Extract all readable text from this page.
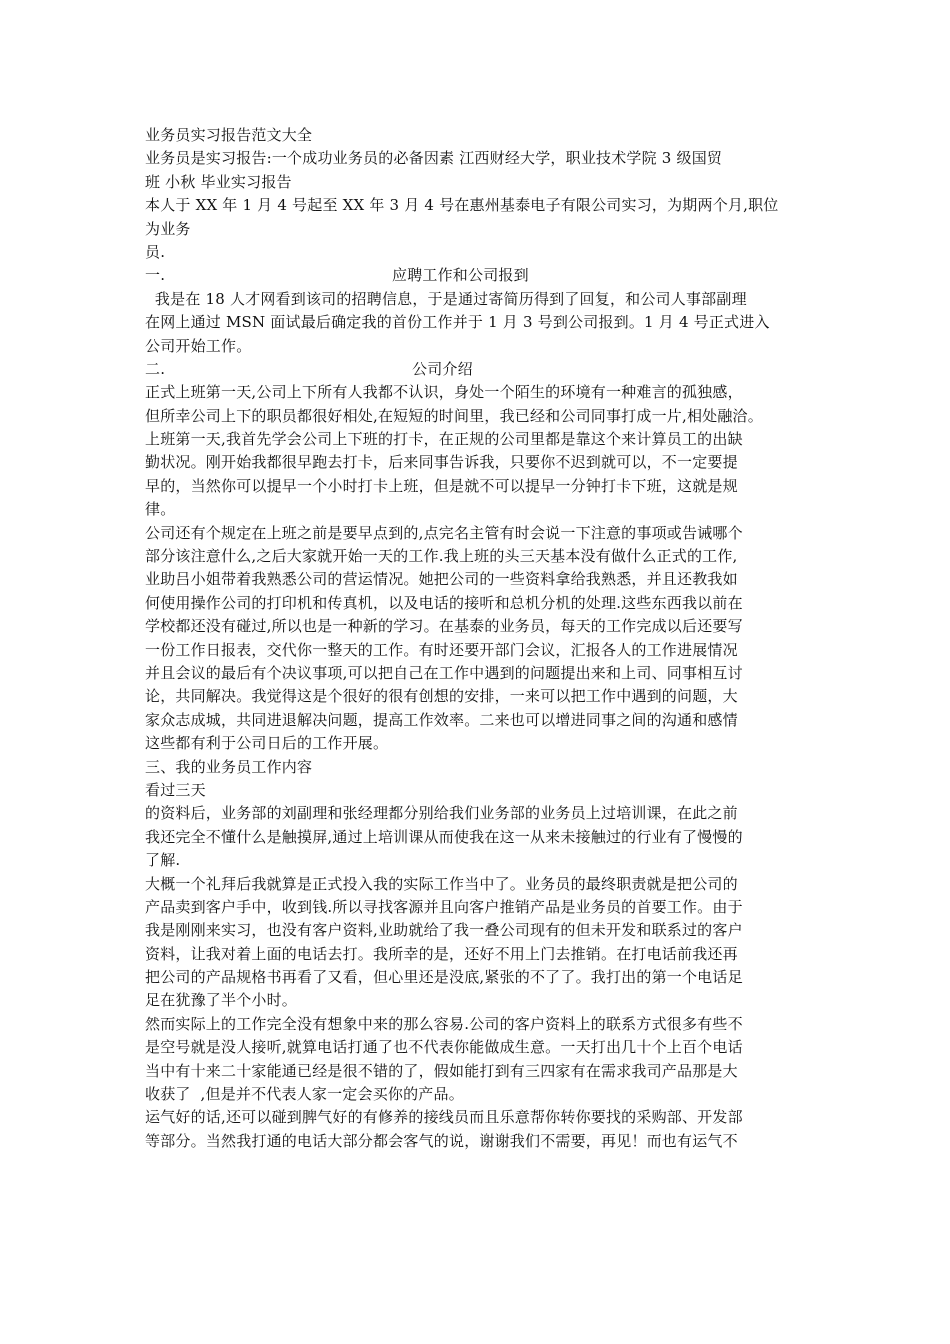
业务员实习报告范文大全
业务员是实习报告:一个成功业务员的必备因素 江西财经大学，职业技术学院 3 级国贸
班 小秋 毕业实习报告
本人于 XX 年 1 月 4 号起至 XX 年 3 月 4 号在惠州基泰电子有限公司实习，为期两个月,职位
为业务
员.
一.	应聘工作和公司报到
我是在 18 人才网看到该司的招聘信息，于是通过寄简历得到了回复，和公司人事部副理
在网上通过 MSN 面试最后确定我的首份工作并于 1 月 3 号到公司报到。1 月 4 号正式进入
公司开始工作。
二.	公司介绍
正式上班第一天,公司上下所有人我都不认识，身处一个陌生的环境有一种难言的孤独感，
但所幸公司上下的职员都很好相处,在短短的时间里，我已经和公司同事打成一片,相处融洽。
上班第一天,我首先学会公司上下班的打卡，在正规的公司里都是靠这个来计算员工的出缺
勤状况。刚开始我都很早跑去打卡，后来同事告诉我，只要你不迟到就可以，不一定要提
早的，当然你可以提早一个小时打卡上班，但是就不可以提早一分钟打卡下班，这就是规
律。
公司还有个规定在上班之前是要早点到的,点完名主管有时会说一下注意的事项或告诫哪个
部分该注意什么,之后大家就开始一天的工作.我上班的头三天基本没有做什么正式的工作,
业助吕小姐带着我熟悉公司的营运情况。她把公司的一些资料拿给我熟悉，并且还教我如
何使用操作公司的打印机和传真机，以及电话的接听和总机分机的处理.这些东西我以前在
学校都还没有碰过,所以也是一种新的学习。在基泰的业务员，每天的工作完成以后还要写
一份工作日报表，交代你一整天的工作。有时还要开部门会议，汇报各人的工作进展情况
并且会议的最后有个决议事项,可以把自己在工作中遇到的问题提出来和上司、同事相互讨
论，共同解决。我觉得这是个很好的很有创想的安排，一来可以把工作中遇到的问题，大
家众志成城，共同进退解决问题，提高工作效率。二来也可以增进同事之间的沟通和感情
这些都有利于公司日后的工作开展。
三、我的业务员工作内容
看过三天
的资料后，业务部的刘副理和张经理都分别给我们业务部的业务员上过培训课，在此之前
我还完全不懂什么是触摸屏,通过上培训课从而使我在这一从来未接触过的行业有了慢慢的
了解.
大概一个礼拜后我就算是正式投入我的实际工作当中了。业务员的最终职责就是把公司的
产品卖到客户手中，收到钱.所以寻找客源并且向客户推销产品是业务员的首要工作。由于
我是刚刚来实习，也没有客户资料,业助就给了我一叠公司现有的但未开发和联系过的客户
资料，让我对着上面的电话去打。我所幸的是，还好不用上门去推销。在打电话前我还再
把公司的产品规格书再看了又看，但心里还是没底,紧张的不了了。我打出的第一个电话足
足在犹豫了半个小时。
然而实际上的工作完全没有想象中来的那么容易.公司的客户资料上的联系方式很多有些不
是空号就是没人接听,就算电话打通了也不代表你能做成生意。一天打出几十个上百个电话
当中有十来二十家能通已经是很不错的了，假如能打到有三四家有在需求我司产品那是大
收获了  ,但是并不代表人家一定会买你的产品。
运气好的话,还可以碰到脾气好的有修养的接线员而且乐意帮你转你要找的采购部、开发部
等部分。当然我打通的电话大部分都会客气的说，谢谢我们不需要，再见！而也有运气不
